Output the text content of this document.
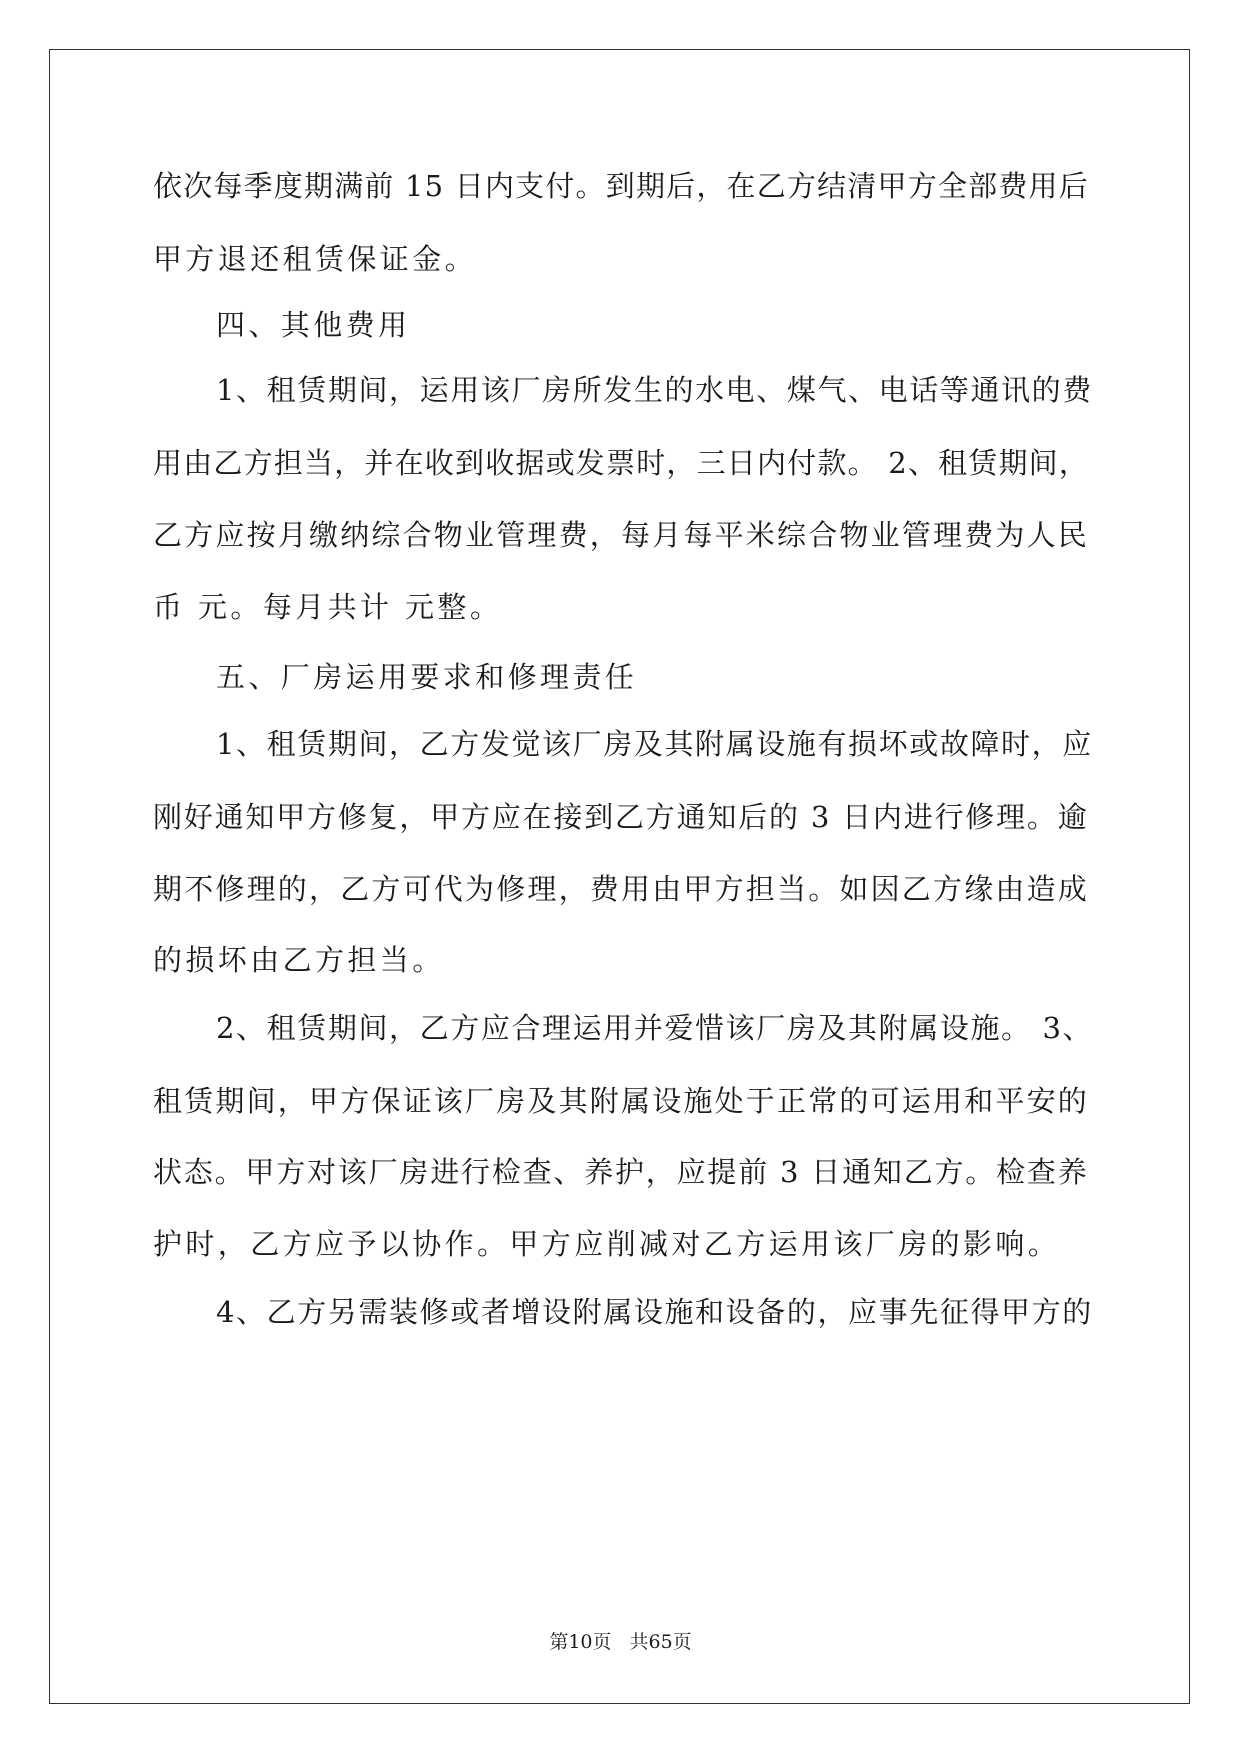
依次每季度期满前 15 日内支付。到期后，在乙方结清甲方全部费用后
甲方退还租赁保证金。
四、其他费用
1、租赁期间，运用该厂房所发生的水电、煤气、电话等通讯的费
用由乙方担当，并在收到收据或发票时，三日内付款。 2、租赁期间，
乙方应按月缴纳综合物业管理费，每月每平米综合物业管理费为人民
币 元。每月共计 元整。
五、厂房运用要求和修理责任
1、租赁期间，乙方发觉该厂房及其附属设施有损坏或故障时，应
刚好通知甲方修复，甲方应在接到乙方通知后的 3 日内进行修理。逾
期不修理的，乙方可代为修理，费用由甲方担当。如因乙方缘由造成
的损坏由乙方担当。
2、租赁期间，乙方应合理运用并爱惜该厂房及其附属设施。 3、
租赁期间，甲方保证该厂房及其附属设施处于正常的可运用和平安的
状态。甲方对该厂房进行检查、养护，应提前 3 日通知乙方。检查养
护时，乙方应予以协作。甲方应削减对乙方运用该厂房的影响。
4、乙方另需装修或者增设附属设施和设备的，应事先征得甲方的
第10页 共65页
